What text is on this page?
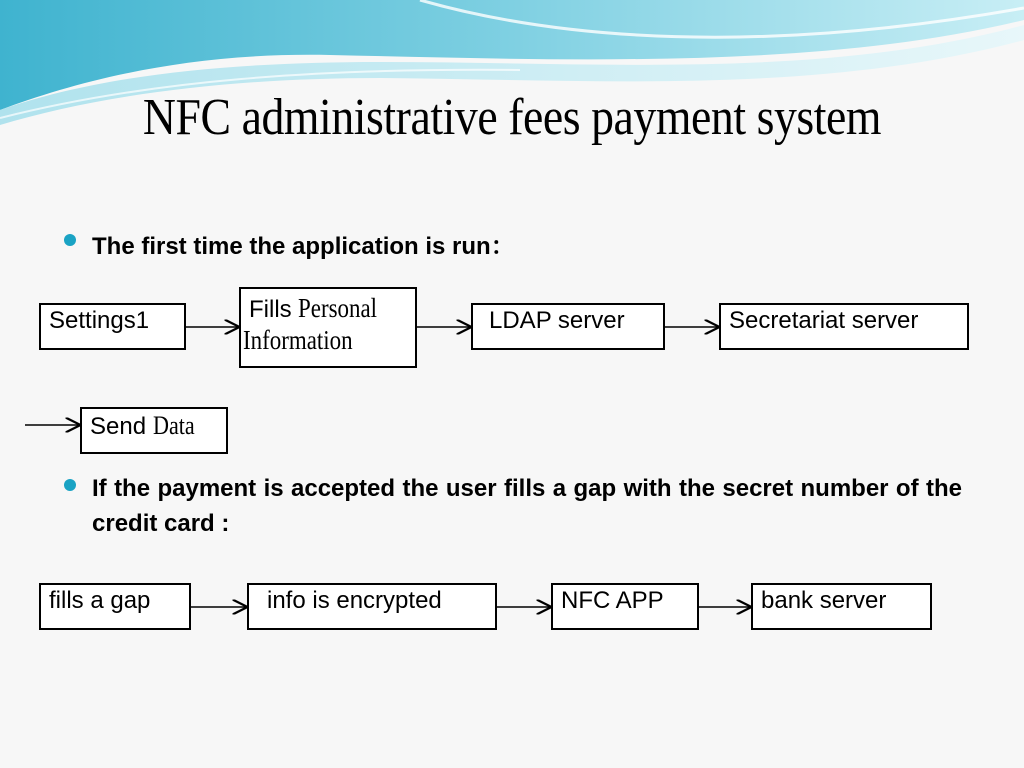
NFC administrative fees payment system
The first time the application is run：
Settings1	Fills Personal
Information
LDAP server	Secretariat server
Send Data
If the payment is accepted the user fills a gap with the secret number of the credit card :
fills a gap	info is encrypted	NFC APP	bank server
